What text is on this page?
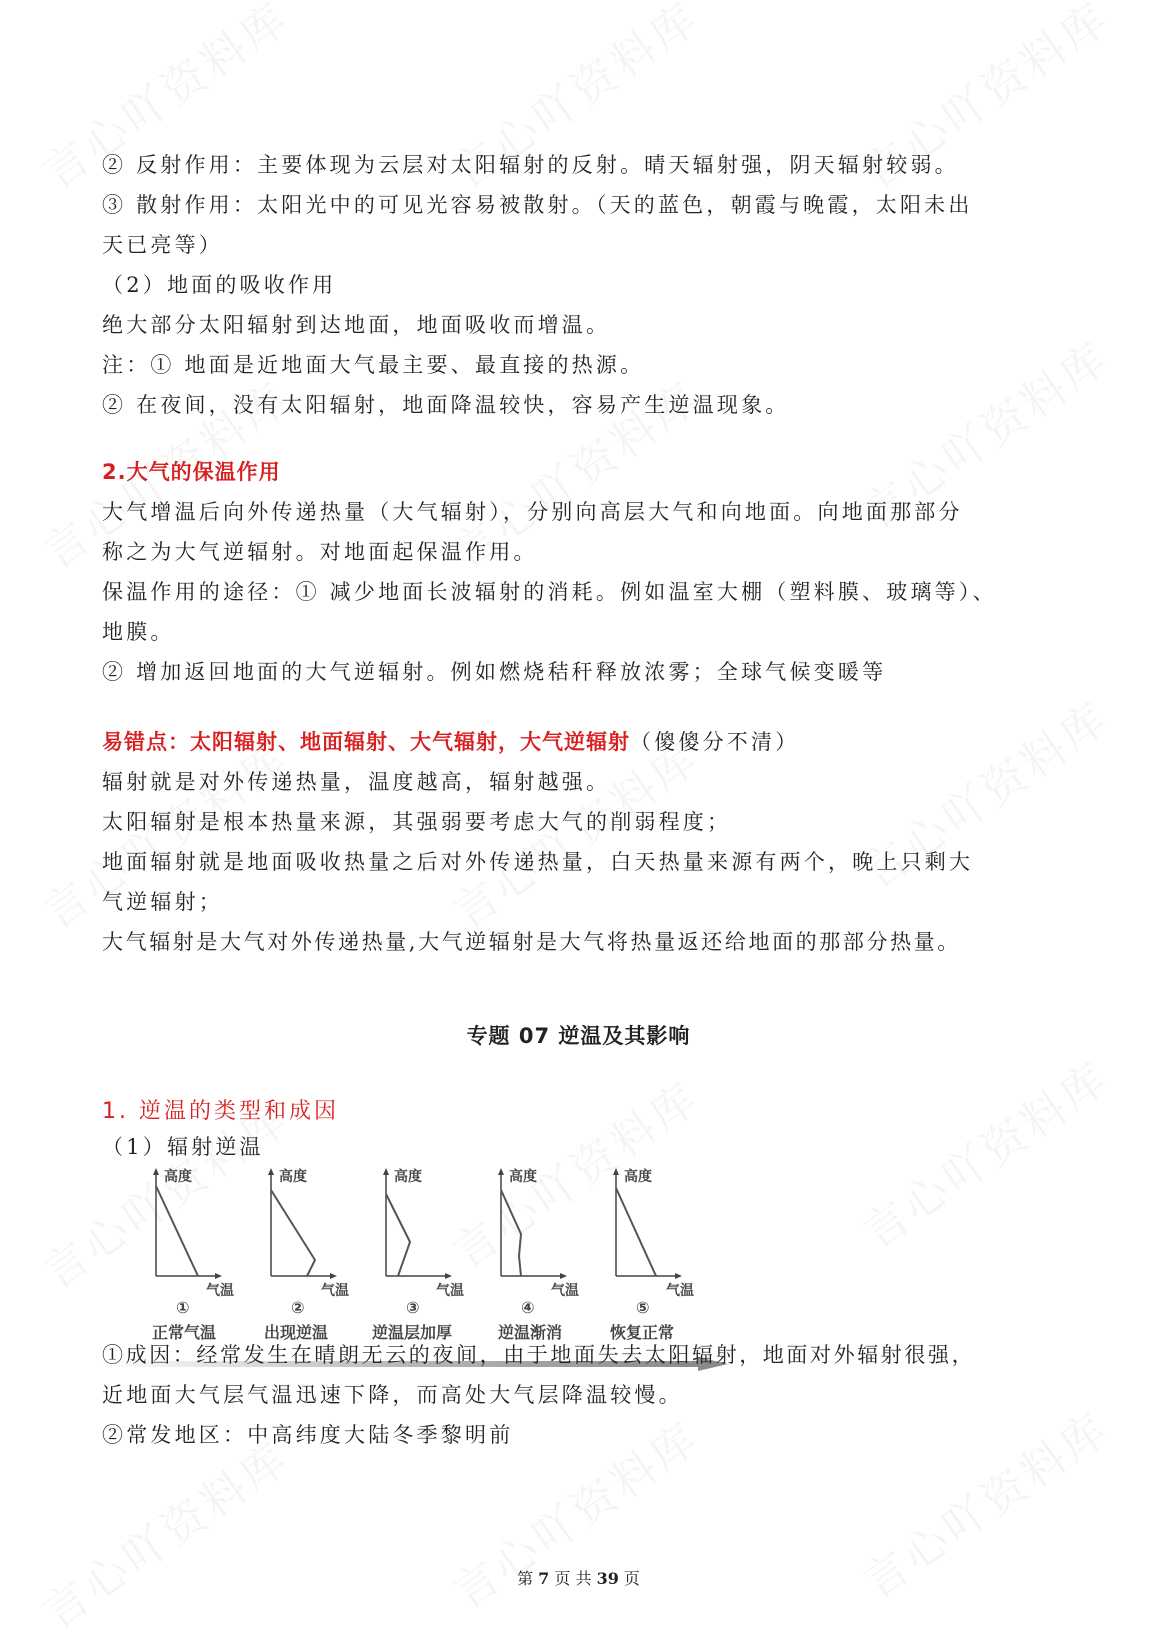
② 反射作用：主要体现为云层对太阳辐射的反射。晴天辐射强，阴天辐射较弱。
③ 散射作用：太阳光中的可见光容易被散射。（天的蓝色，朝霞与晚霞，太阳未出
天已亮等）
（2）地面的吸收作用
绝大部分太阳辐射到达地面，地面吸收而增温。
注：① 地面是近地面大气最主要、最直接的热源。
② 在夜间，没有太阳辐射，地面降温较快，容易产生逆温现象。
2.大气的保温作用
大气增温后向外传递热量（大气辐射），分别向高层大气和向地面。向地面那部分
称之为大气逆辐射。对地面起保温作用。
保温作用的途径：① 减少地面长波辐射的消耗。例如温室大棚（塑料膜、玻璃等）、
地膜。
② 增加返回地面的大气逆辐射。例如燃烧秸秆释放浓雾；全球气候变暖等
易错点：太阳辐射、地面辐射、大气辐射，大气逆辐射（傻傻分不清）
辐射就是对外传递热量，温度越高，辐射越强。
太阳辐射是根本热量来源，其强弱要考虑大气的削弱程度；
地面辐射就是地面吸收热量之后对外传递热量，白天热量来源有两个，晚上只剩大
气逆辐射；
大气辐射是大气对外传递热量,大气逆辐射是大气将热量返还给地面的那部分热量。
专题 07 逆温及其影响
1. 逆温的类型和成因
（1）辐射逆温
高度
气温
①
高度
气温
②
高度
气温
③
高度
气温
④
高度
气温
⑤
正常气温	出现逆温	逆温层加厚	逆温渐消	恢复正常
①成因：经常发生在晴朗无云的夜间，由于地面失去太阳辐射，地面对外辐射很强，
近地面大气层气温迅速下降，而高处大气层降温较慢。
②常发地区：中高纬度大陆冬季黎明前
第 7 页 共 39 页
